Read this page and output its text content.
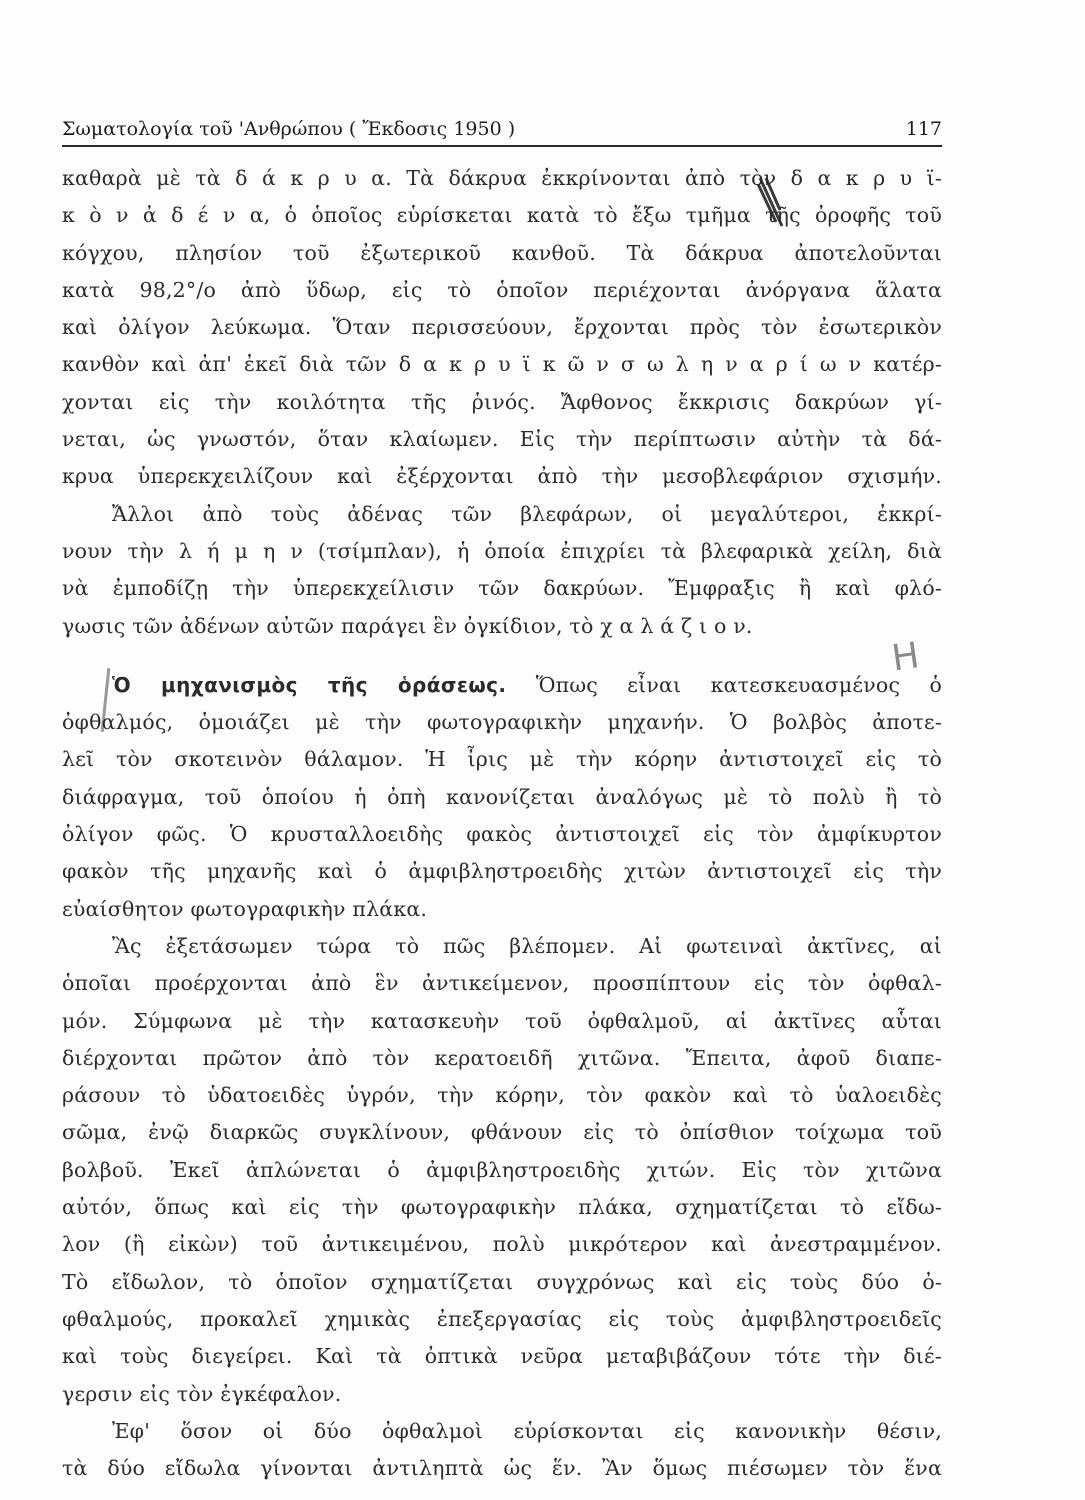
Σωματολογία τοῦ 'Ανθρώπου ( Ἔκδοσις 1950 )	117
H
καθαρὰ μὲ τὰ δ ά κ ρ υ α. Τὰ δάκρυα ἐκκρίνονται ἀπὸ τὸν δ α κ ρ υ ϊ-
κ ὸ ν ἀ δ έ ν α, ὁ ὁποῖος εὑρίσκεται κατὰ τὸ ἔξω τμῆμα τῆς ὀροφῆς τοῦ
κόγχου, πλησίον τοῦ ἐξωτερικοῦ κανθοῦ. Τὰ δάκρυα ἀποτελοῦνται
κατὰ 98,2°/ο ἀπὸ ὕδωρ, εἰς τὸ ὁποῖον περιέχονται ἀνόργανα ἅλατα
καὶ ὀλίγον λεύκωμα. Ὅταν περισσεύουν, ἔρχονται πρὸς τὸν ἐσωτερικὸν
κανθὸν καὶ ἀπ' ἐκεῖ διὰ τῶν δ α κ ρ υ ϊ κ ῶ ν σ ω λ η ν α ρ ί ω ν κατέρ-
χονται εἰς τὴν κοιλότητα τῆς ῥινός. Ἄφθονος ἔκκρισις δακρύων γί-
νεται, ὡς γνωστόν, ὅταν κλαίωμεν. Εἰς τὴν περίπτωσιν αὐτὴν τὰ δά-
κρυα ὑπερεκχειλίζουν καὶ ἐξέρχονται ἀπὸ τὴν μεσοβλεφάριον σχισμήν.
Ἄλλοι ἀπὸ τοὺς ἀδένας τῶν βλεφάρων, οἱ μεγαλύτεροι, ἐκκρί-
νουν τὴν λ ή μ η ν (τσίμπλαν), ἡ ὁποία ἐπιχρίει τὰ βλεφαρικὰ χείλη, διὰ
νὰ ἐμποδίζῃ τὴν ὑπερεκχείλισιν τῶν δακρύων. Ἔμφραξις ἢ καὶ φλό-
γωσις τῶν ἀδένων αὐτῶν παράγει ἓν ὀγκίδιον, τὸ χ α λ ά ζ ι ο ν.
Ὁ μηχανισμὸς τῆς ὁράσεως. Ὅπως εἶναι κατεσκευασμένος ὁ
ὀφθαλμός, ὁμοιάζει μὲ τὴν φωτογραφικὴν μηχανήν. Ὁ βολβὸς ἀποτε-
λεῖ τὸν σκοτεινὸν θάλαμον. Ἡ ἶρις μὲ τὴν κόρην ἀντιστοιχεῖ εἰς τὸ
διάφραγμα, τοῦ ὁποίου ἡ ὀπὴ κανονίζεται ἀναλόγως μὲ τὸ πολὺ ἢ τὸ
ὀλίγον φῶς. Ὁ κρυσταλλοειδὴς φακὸς ἀντιστοιχεῖ εἰς τὸν ἀμφίκυρτον
φακὸν τῆς μηχανῆς καὶ ὁ ἀμφιβληστροειδὴς χιτὼν ἀντιστοιχεῖ εἰς τὴν
εὐαίσθητον φωτογραφικὴν πλάκα.
Ἂς ἐξετάσωμεν τώρα τὸ πῶς βλέπομεν. Αἱ φωτειναὶ ἀκτῖνες, αἱ
ὁποῖαι προέρχονται ἀπὸ ἓν ἀντικείμενον, προσπίπτουν εἰς τὸν ὀφθαλ-
μόν. Σύμφωνα μὲ τὴν κατασκευὴν τοῦ ὀφθαλμοῦ, αἱ ἀκτῖνες αὗται
διέρχονται πρῶτον ἀπὸ τὸν κερατοειδῆ χιτῶνα. Ἔπειτα, ἀφοῦ διαπε-
ράσουν τὸ ὑδατοειδὲς ὑγρόν, τὴν κόρην, τὸν φακὸν καὶ τὸ ὑαλοειδὲς
σῶμα, ἐνῷ διαρκῶς συγκλίνουν, φθάνουν εἰς τὸ ὀπίσθιον τοίχωμα τοῦ
βολβοῦ. Ἐκεῖ ἁπλώνεται ὁ ἀμφιβληστροειδὴς χιτών. Εἰς τὸν χιτῶνα
αὐτόν, ὅπως καὶ εἰς τὴν φωτογραφικὴν πλάκα, σχηματίζεται τὸ εἴδω-
λον (ἢ εἰκὼν) τοῦ ἀντικειμένου, πολὺ μικρότερον καὶ ἀνεστραμμένον.
Τὸ εἴδωλον, τὸ ὁποῖον σχηματίζεται συγχρόνως καὶ εἰς τοὺς δύο ὀ-
φθαλμούς, προκαλεῖ χημικὰς ἐπεξεργασίας εἰς τοὺς ἀμφιβληστροειδεῖς
καὶ τοὺς διεγείρει. Καὶ τὰ ὀπτικὰ νεῦρα μεταβιβάζουν τότε τὴν διέ-
γερσιν εἰς τὸν ἐγκέφαλον.
Ἐφ' ὅσον οἱ δύο ὀφθαλμοὶ εὑρίσκονται εἰς κανονικὴν θέσιν,
τὰ δύο εἴδωλα γίνονται ἀντιληπτὰ ὡς ἕν. Ἂν ὅμως πιέσωμεν τὸν ἕνα
